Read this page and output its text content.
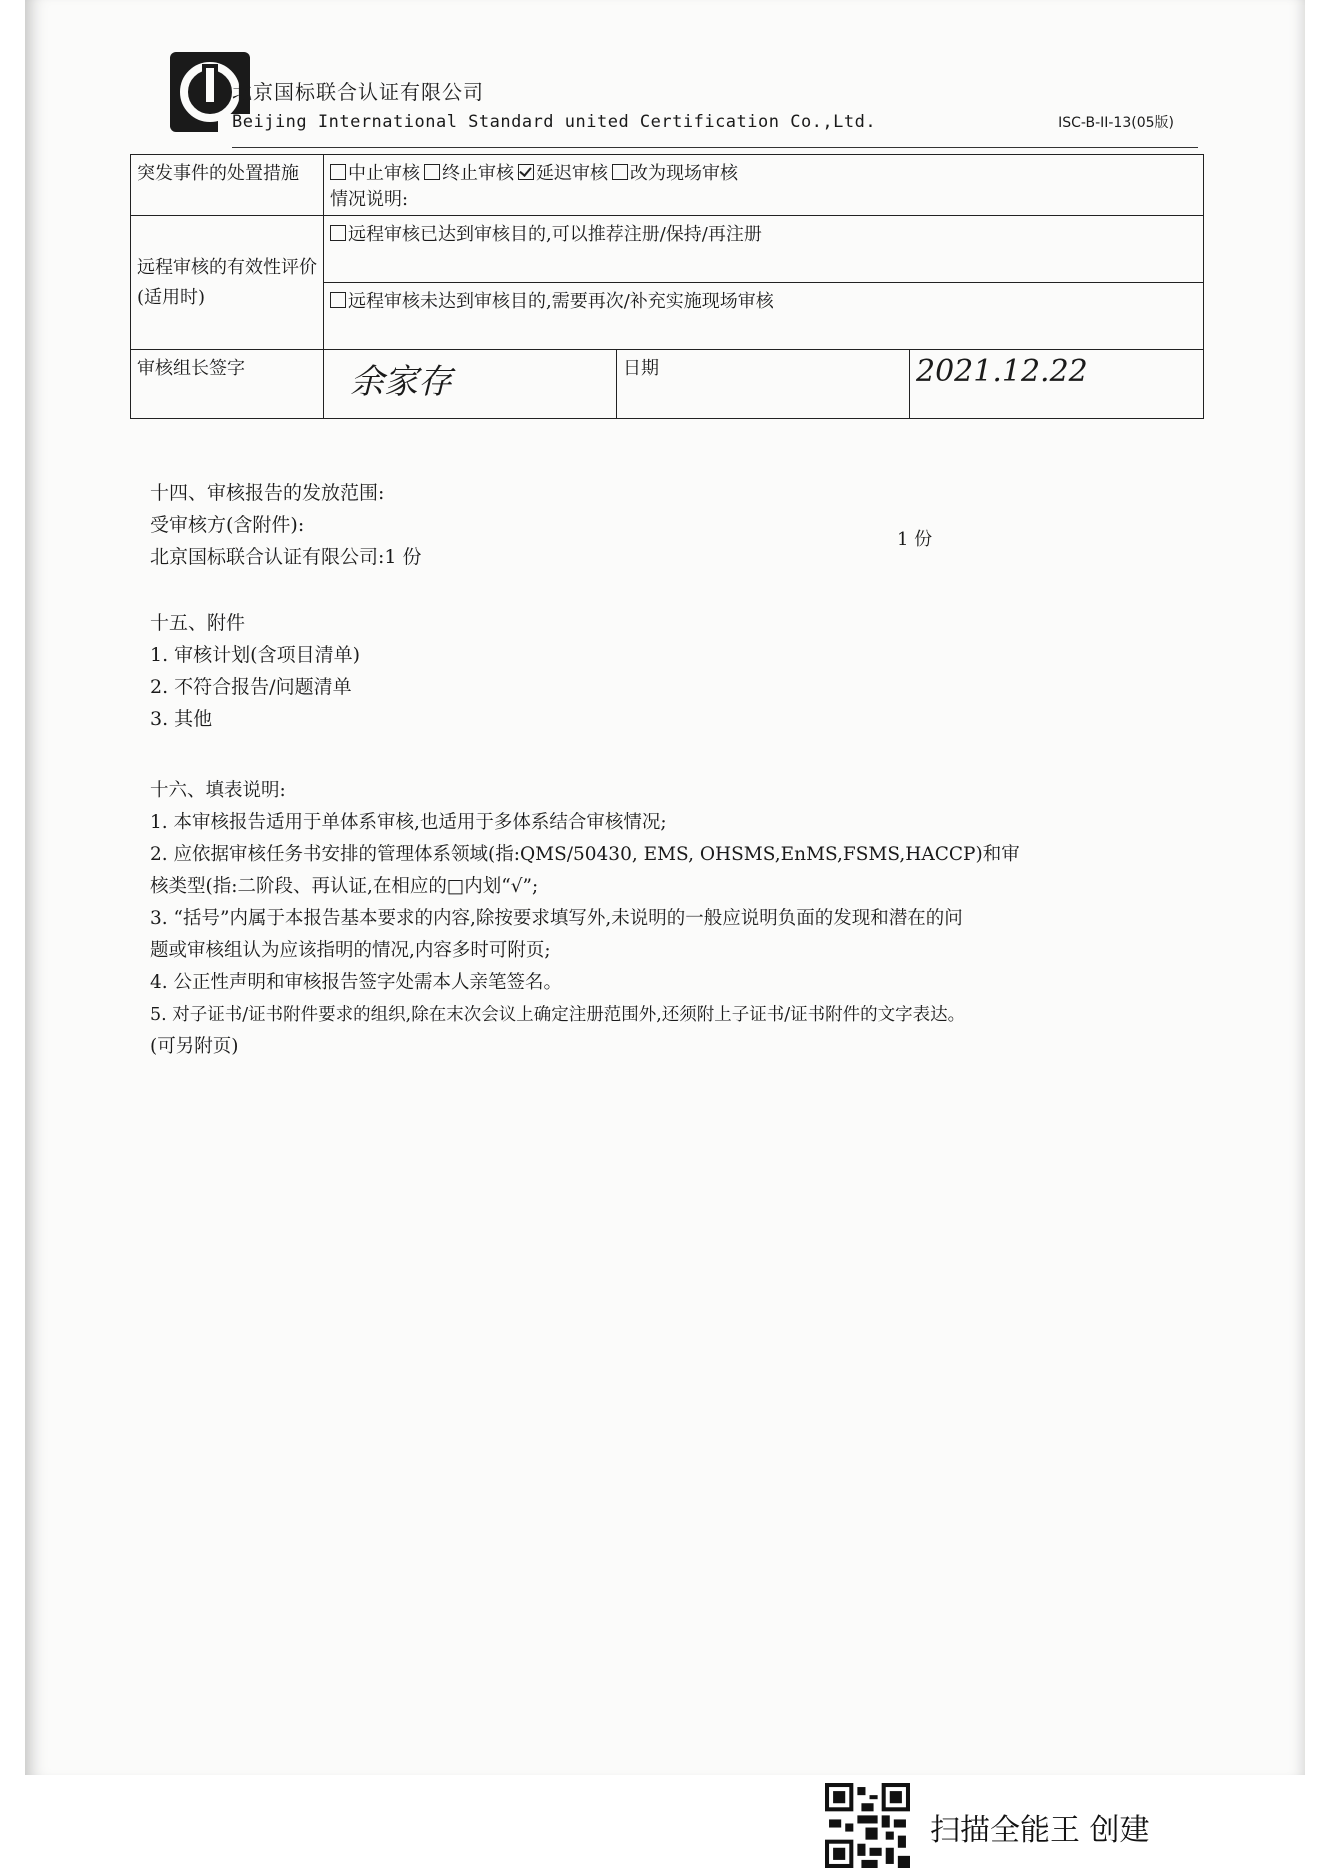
北京国标联合认证有限公司
Beijing International Standard united Certification Co.,Ltd.	ISC-B-II-13(05版)
突发事件的处置措施	中止审核 终止审核 延迟审核 改为现场审核
情况说明:		

远程审核的有效性评价(适用时)	远程审核已达到审核目的,可以推荐注册/保持/再注册		
	远程审核未达到审核目的,需要再次/补充实施现场审核		
审核组长签字	余家存	日期	2021.12.22
十四、审核报告的发放范围:
受审核方(含附件):
北京国标联合认证有限公司:1 份
1 份
十五、附件
1. 审核计划(含项目清单)
2. 不符合报告/问题清单
3. 其他
十六、填表说明:
1. 本审核报告适用于单体系审核,也适用于多体系结合审核情况;
2. 应依据审核任务书安排的管理体系领域(指:QMS/50430, EMS, OHSMS,EnMS,FSMS,HACCP)和审
核类型(指:二阶段、再认证,在相应的□内划“√”;
3. “括号”内属于本报告基本要求的内容,除按要求填写外,未说明的一般应说明负面的发现和潜在的问
题或审核组认为应该指明的情况,内容多时可附页;
4. 公正性声明和审核报告签字处需本人亲笔签名。
5. 对子证书/证书附件要求的组织,除在末次会议上确定注册范围外,还须附上子证书/证书附件的文字表达。
(可另附页)
扫描全能王 创建
